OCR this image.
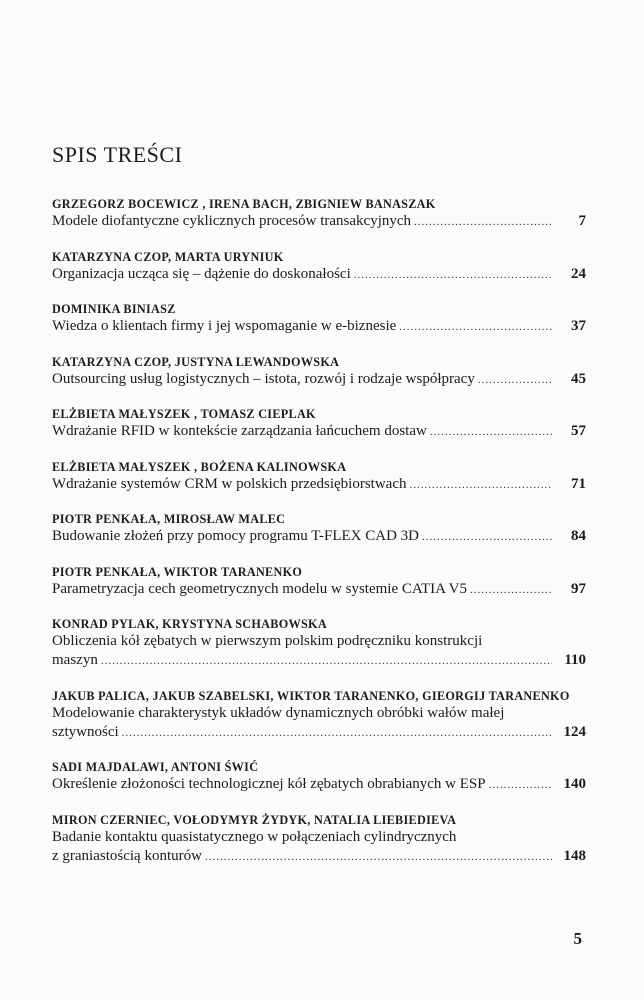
SPIS TREŚCI
GRZEGORZ BOCEWICZ , IRENA BACH, ZBIGNIEW BANASZAK
Modele diofantyczne cyklicznych procesów transakcyjnych .....	7
KATARZYNA CZOP, MARTA URYNIUK
Organizacja ucząca się – dążenie do doskonałości .....	24
DOMINIKA BINIASZ
Wiedza o klientach firmy i jej wspomaganie w e-biznesie .....	37
KATARZYNA CZOP, JUSTYNA LEWANDOWSKA
Outsourcing usług logistycznych – istota, rozwój i rodzaje współpracy .....	45
ELŻBIETA MAŁYSZEK , TOMASZ CIEPLAK
Wdrażanie RFID w kontekście zarządzania łańcuchem dostaw .....	57
ELŻBIETA MAŁYSZEK , BOŻENA KALINOWSKA
Wdrażanie systemów CRM w polskich przedsiębiorstwach .....	71
PIOTR PENKAŁA, MIROSŁAW MALEC
Budowanie złożeń przy pomocy programu T-FLEX CAD 3D .....	84
PIOTR PENKAŁA, WIKTOR TARANENKO
Parametryzacja cech geometrycznych modelu w systemie CATIA V5 .....	97
KONRAD PYLAK, KRYSTYNA SCHABOWSKA
Obliczenia kół zębatych w pierwszym polskim podręczniku konstrukcji
maszyn .....	110
JAKUB PALICA, JAKUB SZABELSKI, WIKTOR TARANENKO, GIEORGIJ TARANENKO
Modelowanie charakterystyk układów dynamicznych obróbki wałów małej
sztywności .....	124
SADI MAJDALAWI, ANTONI ŚWIĆ
Określenie złożoności technologicznej kół zębatych obrabianych w ESP .....	140
MIRON CZERNIEC, VOŁODYMYR ŻYDYK, NATALIA LIEBIEDIEVA
Badanie kontaktu quasistatycznego w połączeniach cylindrycznych
z graniastością konturów .....	148
5
